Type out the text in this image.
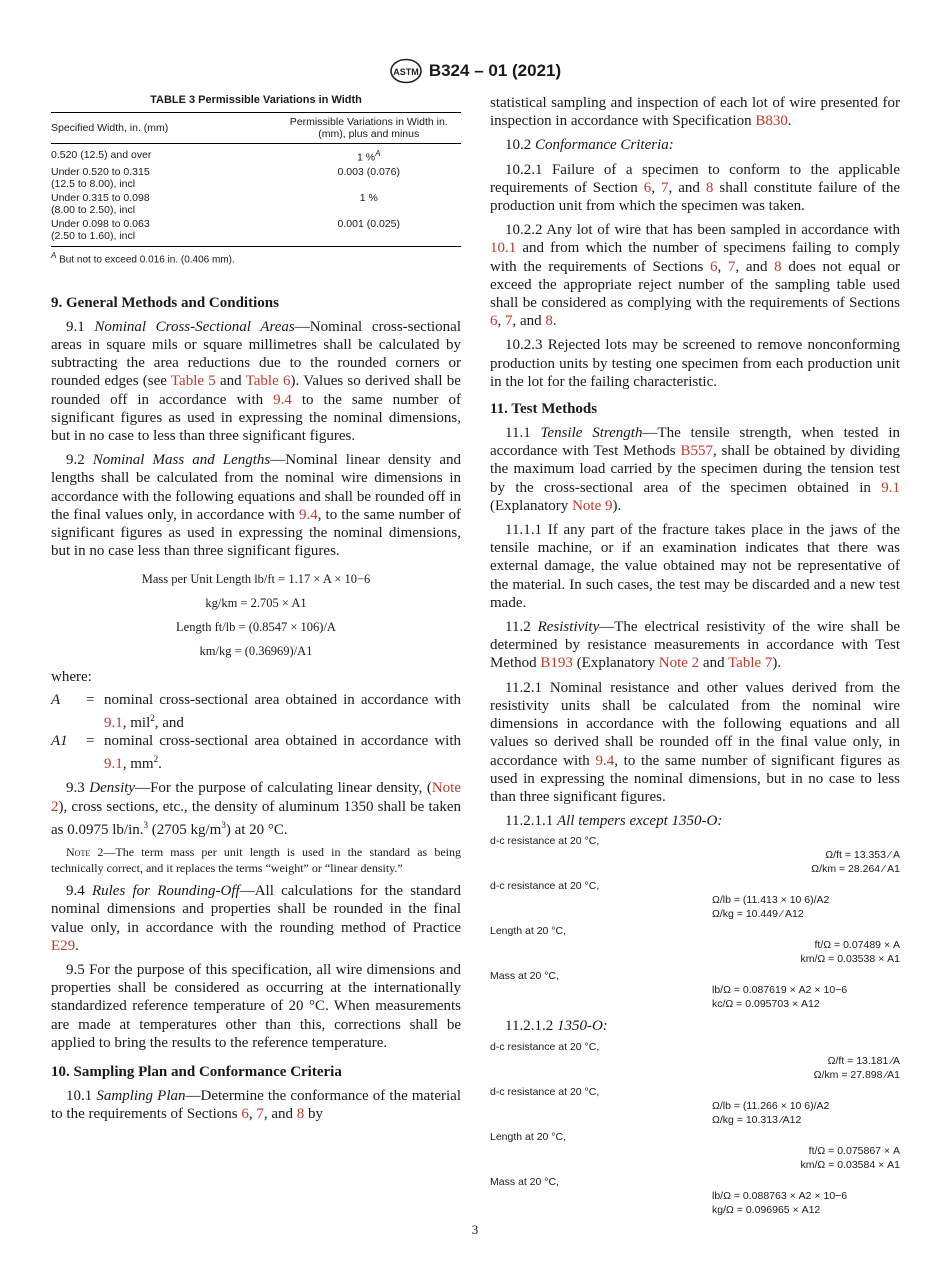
ASTM B324 – 01 (2021)
TABLE 3 Permissible Variations in Width
Specified Width, in. (mm)	Permissible Variations in Width in. (mm), plus and minus
0.520 (12.5) and over	1 %$^A$
Under 0.520 to 0.315
(12.5 to 8.00), incl	0.003 (0.076)
Under 0.315 to 0.098
(8.00 to 2.50), incl	1 %
Under 0.098 to 0.063
(2.50 to 1.60), incl	0.001 (0.025)

$^A$ But not to exceed 0.016 in. (0.406 mm).

9. General Methods and Conditions

9.1 Nominal Cross-Sectional Areas—Nominal cross-sectional areas in square mils or square millimetres shall be calculated by subtracting the area reductions due to the rounded corners or rounded edges (see Table 5 and Table 6). Values so derived shall be rounded off in accordance with 9.4 to the same number of significant figures as used in expressing the nominal dimensions, but in no case to less than three significant figures.

9.2 Nominal Mass and Lengths—Nominal linear density and lengths shall be calculated from the nominal wire dimensions in accordance with the following equations and shall be rounded off in the final values only, in accordance with 9.4, to the same number of significant figures as used in expressing the nominal dimensions, but in no case less than three significant figures.

Mass per Unit Length lb/ft = 1.17 × A × 10−6

kg/km = 2.705 × A1

Length ft/lb = (0.8547 × 106)/A

km/kg = (0.36969)/A1

where:
A	= nominal cross-sectional area obtained in accordance with 9.1, mil$^2$, and
A1	= nominal cross-sectional area obtained in accordance with 9.1, $mm^2$.

9.3 Density—For the purpose of calculating linear density, (Note 2), cross sections, etc., the density of aluminum 1350 shall be taken as 0.0975 lb/in.$^3$ (2705 $kg/m^3$) at 20 °C.

Note 2—The term mass per unit length is used in the standard as being technically correct, and it replaces the terms “weight” or “linear density.”

9.4 Rules for Rounding-Off—All calculations for the standard nominal dimensions and properties shall be rounded in the final value only, in accordance with the rounding method of Practice E29.

9.5 For the purpose of this specification, all wire dimensions and properties shall be considered as occurring at the internationally standardized reference temperature of 20 °C. When measurements are made at temperatures other than this, corrections shall be applied to bring the results to the reference temperature.

10. Sampling Plan and Conformance Criteria

10.1 Sampling Plan—Determine the conformance of the material to the requirements of Sections 6, 7, and 8 by

statistical sampling and inspection of each lot of wire presented for inspection in accordance with Specification B830.

10.2 Conformance Criteria:

10.2.1 Failure of a specimen to conform to the applicable requirements of Section 6, 7, and 8 shall constitute failure of the production unit from which the specimen was taken.

10.2.2 Any lot of wire that has been sampled in accordance with 10.1 and from which the number of specimens failing to comply with the requirements of Sections 6, 7, and 8 does not equal or exceed the appropriate reject number of the sampling table used shall be considered as complying with the requirements of Sections 6, 7, and 8.

10.2.3 Rejected lots may be screened to remove nonconforming production units by testing one specimen from each production unit in the lot for the failing characteristic.

11. Test Methods

11.1 Tensile Strength—The tensile strength, when tested in accordance with Test Methods B557, shall be obtained by dividing the maximum load carried by the specimen during the tension test by the cross-sectional area of the specimen obtained in 9.1 (Explanatory Note 9).

11.1.1 If any part of the fracture takes place in the jaws of the tensile machine, or if an examination indicates that there was external damage, the value obtained may not be representative of the material. In such cases, the test may be discarded and a new test made.

11.2 Resistivity—The electrical resistivity of the wire shall be determined by resistance measurements in accordance with Test Method B193 (Explanatory Note 2 and Table 7).

11.2.1 Nominal resistance and other values derived from the resistivity units shall be calculated from the nominal wire dimensions in accordance with the following equations and all values so derived shall be rounded off in the final value only, in accordance with 9.4, to the same number of significant figures as used in expressing the nominal dimensions, but in no case to less than three significant figures.

11.2.1.1 All tempers except 1350-O:

d-c resistance at 20 °C,

Ω/ft = 13.353 ⁄ A
Ω/km = 28.264 ⁄ A1

d-c resistance at 20 °C,

Ω/lb = (11.413 × 10 6)/A2
Ω/kg = 10.449 ⁄ A12

Length at 20 °C,

ft/Ω = 0.07489 × A
km/Ω = 0.03538 × A1

Mass at 20 °C,

lb/Ω = 0.087619 × A2 × 10−6
kc/Ω = 0.095703 × A12

11.2.1.2 1350-O:

d-c resistance at 20 °C,

Ω/ft = 13.181 ⁄A
Ω/km = 27.898 ⁄A1

d-c resistance at 20 °C,

Ω/lb = (11.266 × 10 6)/A2
Ω/kg = 10.313 ⁄A12

Length at 20 °C,

ft/Ω = 0.075867 × A
km/Ω = 0.03584 × A1

Mass at 20 °C,

lb/Ω = 0.088763 × A2 × 10−6
kg/Ω = 0.096965 × A12
3
